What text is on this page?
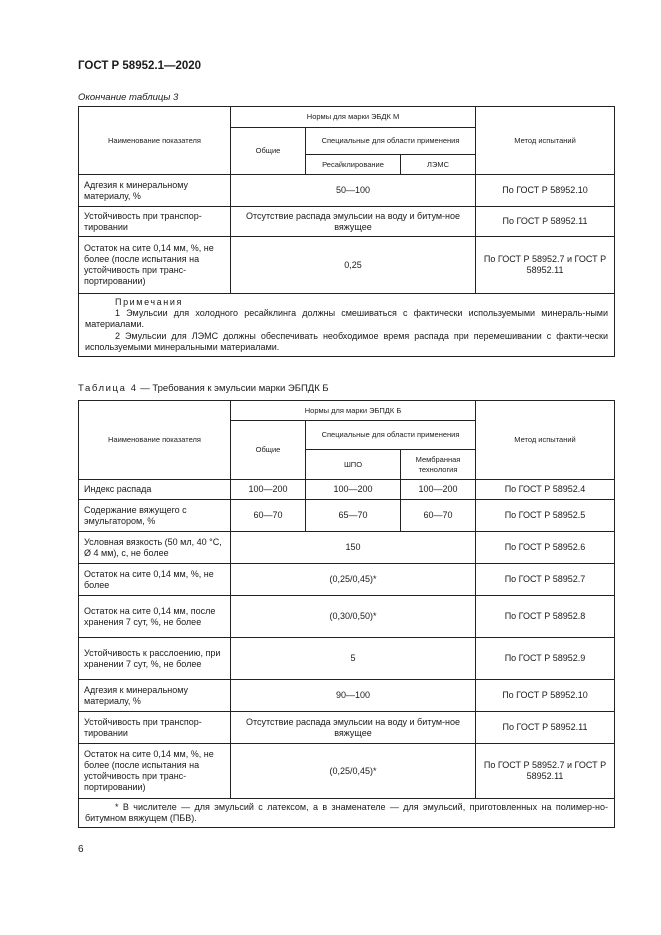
ГОСТ Р 58952.1—2020
Окончание таблицы 3
Наименование показателя	Нормы для марки ЭБДК М			Метод испытаний
	Общие	Специальные для области применения		
		Ресайклирование	ЛЭМС	
Адгезия к минеральному материалу, %	50—100			По ГОСТ Р 58952.10
Устойчивость при транспор-тировании	Отсутствие распада эмульсии на воду и битум-ное вяжущее			По ГОСТ Р 58952.11
Остаток на сите 0,14 мм, %, не более (после испытания на устойчивость при транс-портировании)	0,25			По ГОСТ Р 58952.7 и ГОСТ Р 58952.11

Примечания

1 Эмульсии для холодного ресайклинга должны смешиваться с фактически используемыми минераль-ными материалами.

2 Эмульсии для ЛЭМС должны обеспечивать необходимое время распада при перемешивании с факти-чески используемыми минеральными материалами.				

Таблица 4 — Требования к эмульсии марки ЭБПДК Б
Наименование показателя	Нормы для марки ЭБПДК Б			Метод испытаний
	Общие	Специальные для области применения		
		ШПО	Мембранная технология	
Индекс распада	100—200	100—200	100—200	По ГОСТ Р 58952.4
Содержание вяжущего с эмульгатором, %	60—70	65—70	60—70	По ГОСТ Р 58952.5
Условная вязкость (50 мл, 40 °С, Ø 4 мм), с, не более	150			По ГОСТ Р 58952.6
Остаток на сите 0,14 мм, %, не более	(0,25/0,45)*			По ГОСТ Р 58952.7
Остаток на сите 0,14 мм, после хранения 7 сут, %, не более	(0,30/0,50)*			По ГОСТ Р 58952.8
Устойчивость к расслоению, при хранении 7 сут, %, не более	5			По ГОСТ Р 58952.9
Адгезия к минеральному материалу, %	90—100			По ГОСТ Р 58952.10
Устойчивость при транспор-тировании	Отсутствие распада эмульсии на воду и битум-ное вяжущее			По ГОСТ Р 58952.11
Остаток на сите 0,14 мм, %, не более (после испытания на устойчивость при транс-портировании)	(0,25/0,45)*			По ГОСТ Р 58952.7 и ГОСТ Р 58952.11

* В числителе — для эмульсий с латексом, а в знаменателе — для эмульсий, приготовленных на полимер-но-битумном вяжущем (ПБВ).				

6
